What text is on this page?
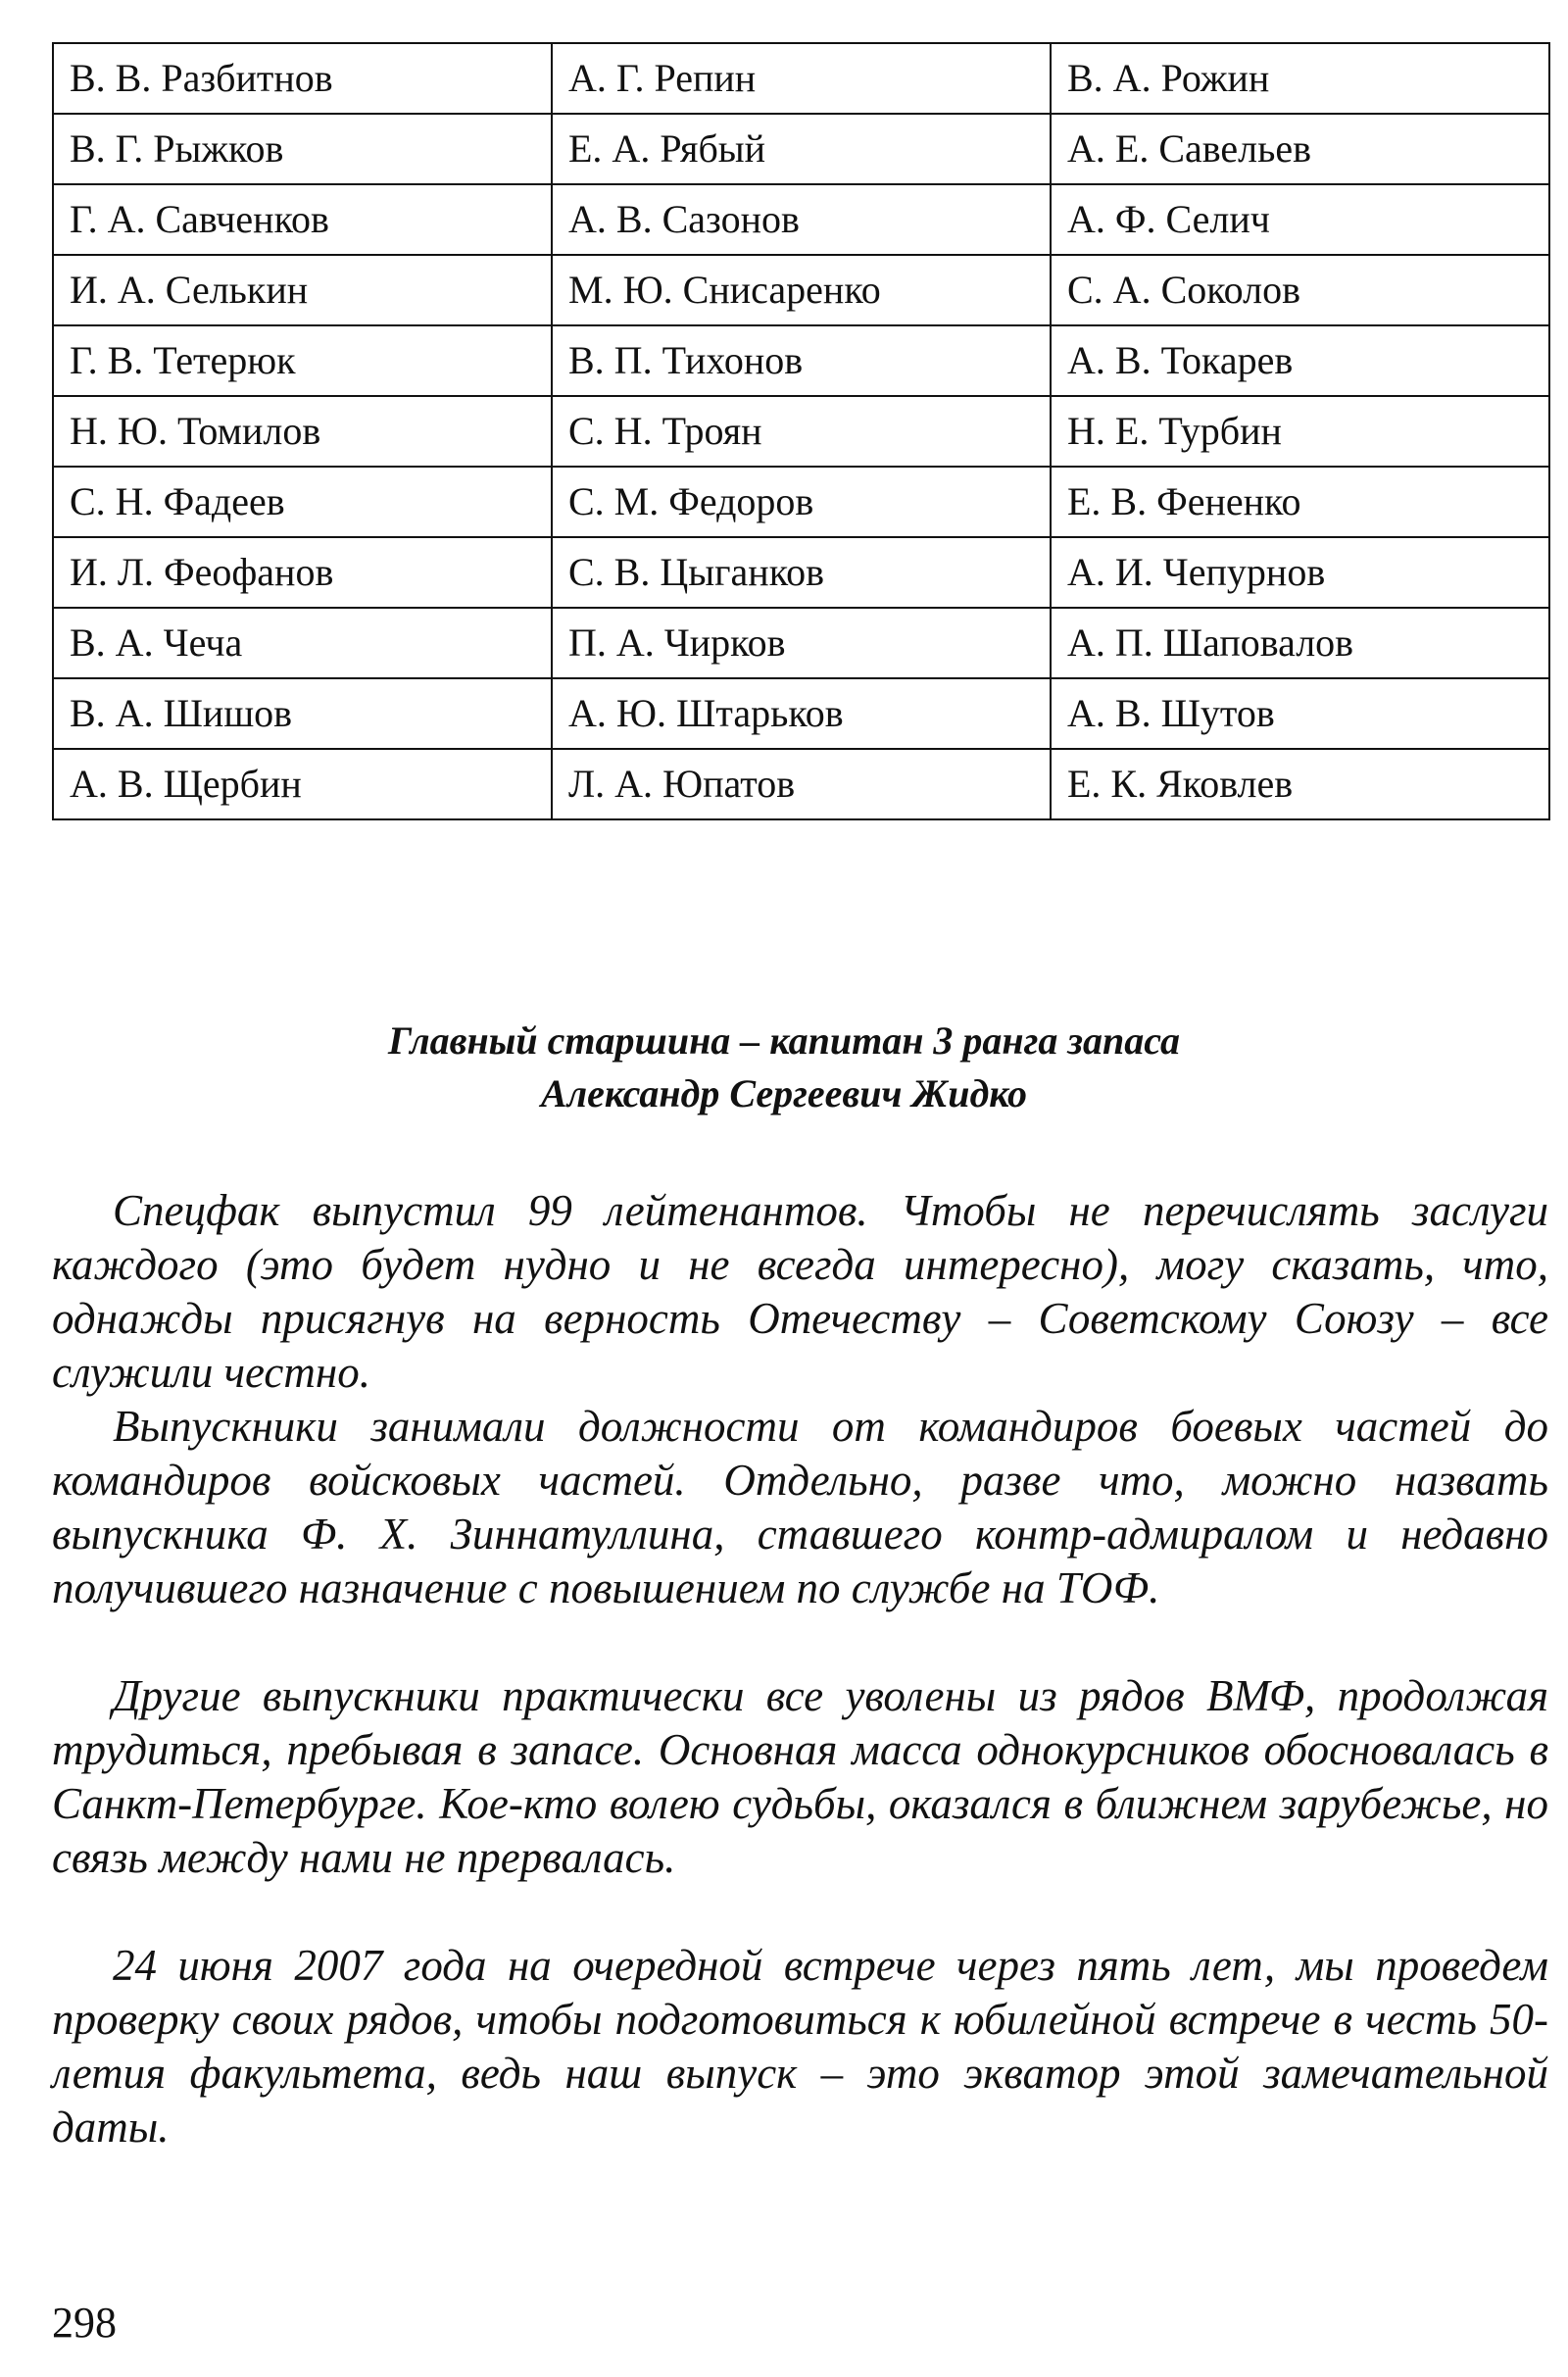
В. В. Разбитнов	А. Г. Репин	В. А. Рожин
В. Г. Рыжков	Е. А. Рябый	А. Е. Савельев
Г. А. Савченков	А. В. Сазонов	А. Ф. Селич
И. А. Селькин	М. Ю. Снисаренко	С. А. Соколов
Г. В. Тетерюк	В. П. Тихонов	А. В. Токарев
Н. Ю. Томилов	С. Н. Троян	Н. Е. Турбин
С. Н. Фадеев	С. М. Федоров	Е. В. Фененко
И. Л. Феофанов	С. В. Цыганков	А. И. Чепурнов
В. А. Чеча	П. А. Чирков	А. П. Шаповалов
В. А. Шишов	А. Ю. Штарьков	А. В. Шутов
А. В. Щербин	Л. А. Юпатов	Е. К. Яковлев
Главный старшина – капитан 3 ранга запаса
Александр Сергеевич Жидко

Спецфак выпустил 99 лейтенантов. Чтобы не перечислять заслуги каждого (это будет нудно и не всегда интересно), могу сказать, что, однажды присягнув на верность Отечеству – Советскому Союзу – все служили честно.

Выпускники занимали должности от командиров боевых частей до командиров войсковых частей. Отдельно, разве что, можно назвать выпускника Ф. Х. Зиннатуллина, ставшего контр-адмиралом и недавно получившего назначение с повышением по службе на ТОФ.

Другие выпускники практически все уволены из рядов ВМФ, продолжая трудиться, пребывая в запасе. Основная масса однокурсников обосновалась в Санкт-Петербурге. Кое-кто волею судьбы, оказался в ближнем зарубежье, но связь между нами не прервалась.

24 июня 2007 года на очередной встрече через пять лет, мы проведем проверку своих рядов, чтобы подготовиться к юбилейной встрече в честь 50-летия факультета, ведь наш выпуск – это экватор этой замечательной даты.

298
